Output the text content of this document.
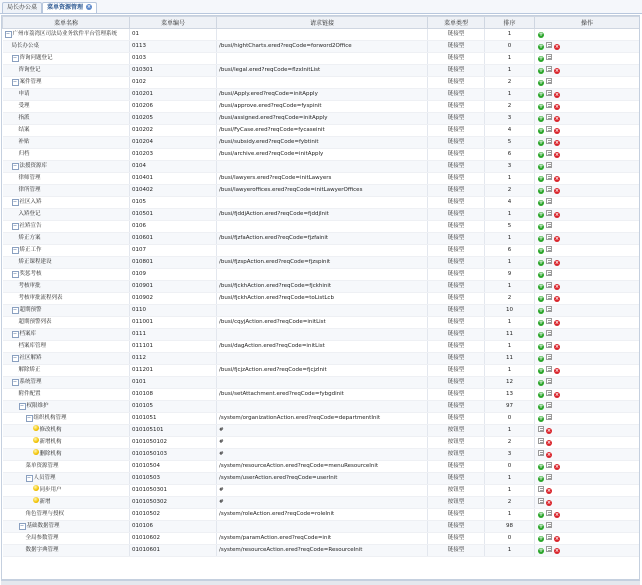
局长办公桌	菜单资源管理 ×
菜单名称	菜单编号	请求链接	菜单类型	排序	操作
− 广州市荔湾区司法局业务软件平台管理系统	01		链接型	1	+
局长办公桌	0113	/busi/hightCharts.ered?reqCode=forword2Office	链接型	0	+ ×
− 咨询问题登记	0103		链接型	1	+
咨询登记	010301	/busi/legal.ered?reqCode=flzxInitList	链接型	1	+ ×
− 案件管理	0102		链接型	2	+
申请	010201	/busi/Apply.ered?reqCode=initApply	链接型	1	+ ×
受理	010206	/busi/approve.ered?reqCode=fyspinit	链接型	2	+ ×
指派	010205	/busi/assigned.ered?reqCode=initApply	链接型	3	+ ×
结案	010202	/busi/FyCase.ered?reqCode=fycaseinit	链接型	4	+ ×
补贴	010204	/busi/subsidy.ered?reqCode=fybtinit	链接型	5	+ ×
归档	010203	/busi/archive.ered?reqCode=initApply	链接型	6	+ ×
− 法援资源库	0104		链接型	3	+
律师管理	010401	/busi/lawyers.ered?reqCode=initLawyers	链接型	1	+ ×
律所管理	010402	/busi/lawyeroffices.ered?reqCode=initLawyerOffices	链接型	2	+ ×
− 社区入矫	0105		链接型	4	+
入矫登记	010501	/busi/fjddjAction.ered?reqCode=fjddjInit	链接型	1	+ ×
− 社矫宣告	0106		链接型	5	+
矫正方案	010601	/busi/fjzfaAction.ered?reqCode=fjzfainit	链接型	1	+ ×
− 矫正工作	0107		链接型	6	+
矫正课程建设	010801	/busi/fjzspAction.ered?reqCode=fjzspinit	链接型	1	+ ×
− 奖惩考核	0109		链接型	9	+
考核审批	010901	/busi/fjckhAction.ered?reqCode=fjckhinit	链接型	1	+ ×
考核审批流程列表	010902	/busi/fjckhAction.ered?reqCode=toListLcb	链接型	2	+ ×
− 超期预警	0110		链接型	10	+
超期预警列表	011001	/busi/cqyjAction.ered?reqCode=initList	链接型	1	+ ×
− 档案库	0111		链接型	11	+
档案库管理	011101	/busi/dagAction.ered?reqCode=initList	链接型	1	+ ×
− 社区解矫	0112		链接型	11	+
解除矫正	011201	/busi/fjcjzAction.ered?reqCode=fjcjzInit	链接型	1	+ ×
− 系统管理	0101		链接型	12	+
附件配置	010108	/busi/setAttachment.ered?reqCode=fybgdinit	链接型	13	+ ×
− 权限维护	010105		链接型	97	+
− 组织机构管理	0101051	/system/organizationAction.ered?reqCode=departmentInit	链接型	0	+
修改机构	010105101	#	按钮型	1	×
新增机构	0101050102	#	按钮型	2	×
删除机构	0101050103	#	按钮型	3	×
菜单资源管理	01010504	/system/resourceAction.ered?reqCode=menuResourceInit	链接型	0	+ ×
− 人员管理	01010503	/system/userAction.ered?reqCode=userInit	链接型	1	+
同步用户	0101050301	#	按钮型	1	×
新增	0101050302	#	按钮型	2	×
角色管理与授权	01010502	/system/roleAction.ered?reqCode=roleInit	链接型	1	+ ×
− 基础数据管理	010106		链接型	98	+
全局参数管理	01010602	/system/paramAction.ered?reqCode=init	链接型	0	+ ×
数据字典管理	01010601	/system/resourceAction.ered?reqCode=ResourceInit	链接型	1	+ ×
